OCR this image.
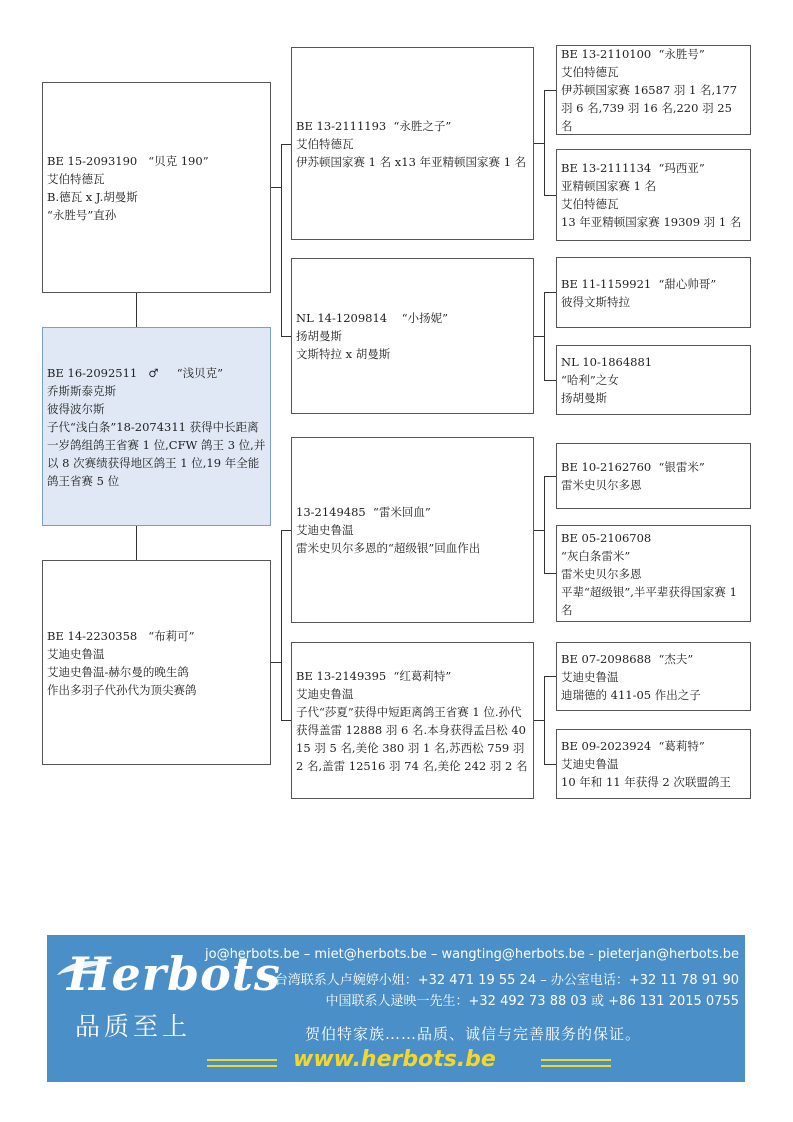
BE 15-2093190   “贝克 190”
艾伯特德瓦
B.德瓦 x J.胡曼斯
“永胜号”直孙
BE 16-2092511   ♂     “浅贝克”
乔斯斯泰克斯
彼得波尔斯
子代“浅白条”18-2074311 获得中长距离一岁鸽组鸽王省赛 1 位,CFW 鸽王 3 位,并以 8 次赛绩获得地区鸽王 1 位,19 年全能鸽王省赛 5 位
BE 14-2230358   “布莉可”
艾迪史鲁温
艾迪史鲁温-赫尔曼的晚生鸽
作出多羽子代孙代为顶尖赛鸽
BE 13-2111193  “永胜之子”
艾伯特德瓦
伊苏顿国家赛 1 名 x13 年亚精顿国家赛 1 名
NL 14-1209814    “小扬妮”
扬胡曼斯
文斯特拉 x 胡曼斯
13-2149485  “雷米回血”
艾迪史鲁温
雷米史贝尔多恩的“超级银”回血作出
BE 13-2149395  “红葛莉特”
艾迪史鲁温
子代“莎夏”获得中短距离鸽王省赛 1 位.孙代获得盖雷 12888 羽 6 名.本身获得孟吕松 4015 羽 5 名,美伦 380 羽 1 名,苏西松 759 羽 2 名,盖雷 12516 羽 74 名,美伦 242 羽 2 名
BE 13-2110100  “永胜号”
艾伯特德瓦
伊苏顿国家赛 16587 羽 1 名,177 羽 6 名,739 羽 16 名,220 羽 25 名
BE 13-2111134  “玛西亚”
亚精顿国家赛 1 名
艾伯特德瓦
13 年亚精顿国家赛 19309 羽 1 名
BE 11-1159921  “甜心帅哥”
彼得文斯特拉
NL 10-1864881
“哈利”之女
扬胡曼斯
BE 10-2162760  “银雷米”
雷米史贝尔多恩
BE 05-2106708
“灰白条雷米”
雷米史贝尔多恩
平辈“超级银”,半平辈获得国家赛 1 名
BE 07-2098688  “杰夫”
艾迪史鲁温
迪瑞德的 411-05 作出之子
BE 09-2023924  “葛莉特”
艾迪史鲁温
10 年和 11 年获得 2 次联盟鸽王
Herbots
品质至上
jo@herbots.be – miet@herbots.be – wangting@herbots.be - pieterjan@herbots.be
台湾联系人卢婉婷小姐：+32 471 19 55 24 – 办公室电话：+32 11 78 91 90
中国联系人逯映一先生：+32 492 73 88 03 或 +86 131 2015 0755
贺伯特家族……品质、诚信与完善服务的保证。
www.herbots.be
